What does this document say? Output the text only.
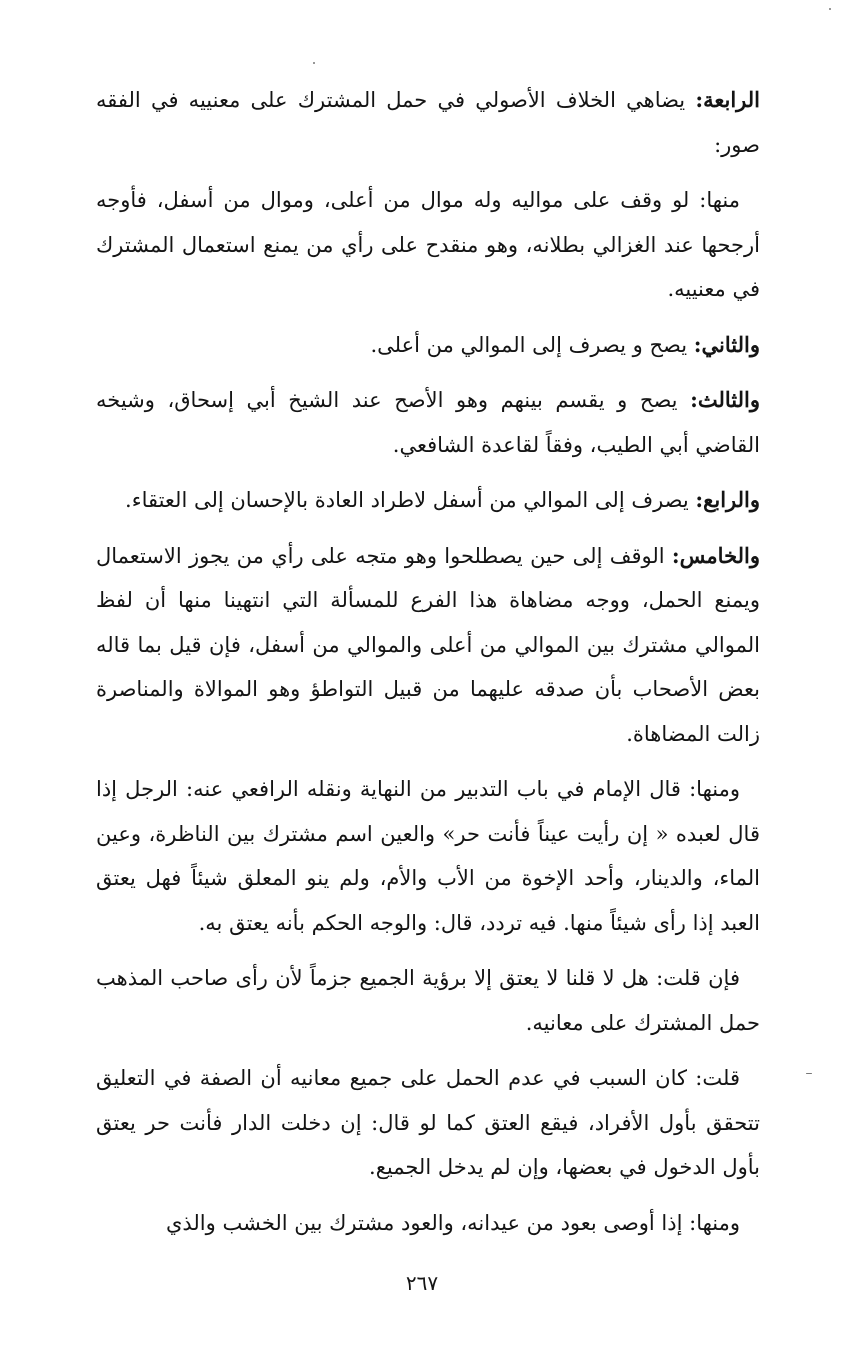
الرابعة: يضاهي الخلاف الأصولي في حمل المشترك على معنييه في الفقه صور:

منها: لو وقف على مواليه وله موال من أعلى، وموال من أسفل، فأوجه أرجحها عند الغزالي بطلانه، وهو منقدح على رأي من يمنع استعمال المشترك في معنييه.

والثاني: يصح و يصرف إلى الموالي من أعلى.

والثالث: يصح و يقسم بينهم وهو الأصح عند الشيخ أبي إسحاق، وشيخه القاضي أبي الطيب، وفقاً لقاعدة الشافعي.

والرابع: يصرف إلى الموالي من أسفل لاطراد العادة بالإحسان إلى العتقاء.

والخامس: الوقف إلى حين يصطلحوا وهو متجه على رأي من يجوز الاستعمال ويمنع الحمل، ووجه مضاهاة هذا الفرع للمسألة التي انتهينا منها أن لفظ الموالي مشترك بين الموالي من أعلى والموالي من أسفل، فإن قيل بما قاله بعض الأصحاب بأن صدقه عليهما من قبيل التواطؤ وهو الموالاة والمناصرة زالت المضاهاة.

ومنها: قال الإمام في باب التدبير من النهاية ونقله الرافعي عنه: الرجل إذا قال لعبده « إن رأيت عيناً فأنت حر» والعين اسم مشترك بين الناظرة، وعين الماء، والدينار، وأحد الإخوة من الأب والأم، ولم ينو المعلق شيئاً فهل يعتق العبد إذا رأى شيئاً منها. فيه تردد، قال: والوجه الحكم بأنه يعتق به.

فإن قلت: هل لا قلنا لا يعتق إلا برؤية الجميع جزماً لأن رأى صاحب المذهب حمل المشترك على معانيه.

قلت: كان السبب في عدم الحمل على جميع معانيه أن الصفة في التعليق تتحقق بأول الأفراد، فيقع العتق كما لو قال: إن دخلت الدار فأنت حر يعتق بأول الدخول في بعضها، وإن لم يدخل الجميع.

ومنها: إذا أوصى بعود من عيدانه، والعود مشترك بين الخشب والذي

٢٦٧
